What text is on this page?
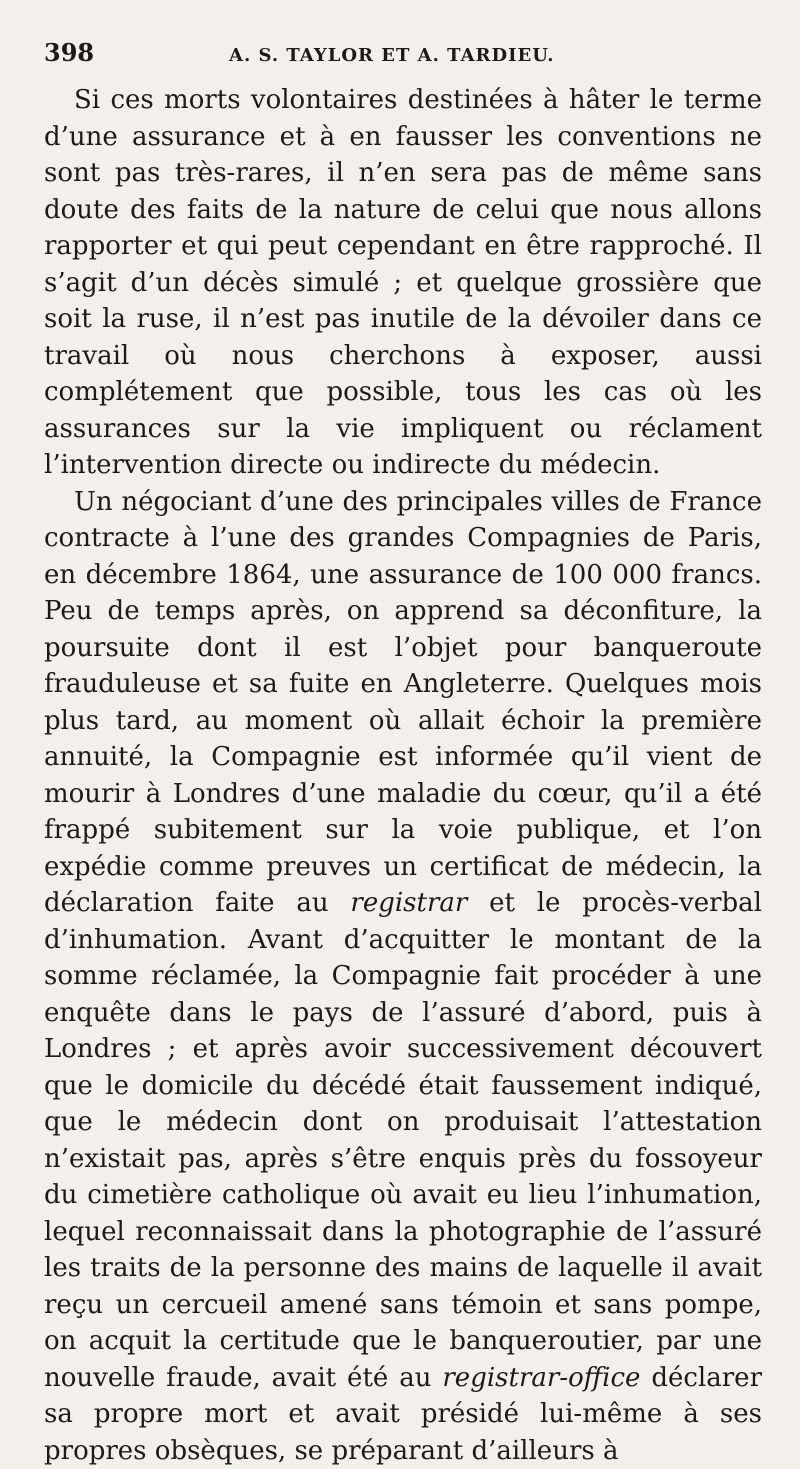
398	A. S. TAYLOR ET A. TARDIEU.

Si ces morts volontaires destinées à hâter le terme d’une assurance et à en fausser les conventions ne sont pas très-rares, il n’en sera pas de même sans doute des faits de la nature de celui que nous allons rapporter et qui peut cependant en être rapproché. Il s’agit d’un décès simulé ; et quelque grossière que soit la ruse, il n’est pas inutile de la dévoiler dans ce travail où nous cherchons à exposer, aussi complétement que possible, tous les cas où les assurances sur la vie impliquent ou réclament l’intervention directe ou indirecte du médecin.

Un négociant d’une des principales villes de France contracte à l’une des grandes Compagnies de Paris, en décembre 1864, une assurance de 100 000 francs. Peu de temps après, on apprend sa déconfiture, la poursuite dont il est l’objet pour banqueroute frauduleuse et sa fuite en Angleterre. Quelques mois plus tard, au moment où allait échoir la première annuité, la Compagnie est informée qu’il vient de mourir à Londres d’une maladie du cœur, qu’il a été frappé subitement sur la voie publique, et l’on expédie comme preuves un certificat de médecin, la déclaration faite au registrar et le procès-verbal d’inhumation. Avant d’acquitter le montant de la somme réclamée, la Compagnie fait procéder à une enquête dans le pays de l’assuré d’abord, puis à Londres ; et après avoir successivement découvert que le domicile du décédé était faussement indiqué, que le médecin dont on produisait l’attestation n’existait pas, après s’être enquis près du fossoyeur du cimetière catholique où avait eu lieu l’inhumation, lequel reconnaissait dans la photographie de l’assuré les traits de la personne des mains de laquelle il avait reçu un cercueil amené sans témoin et sans pompe, on acquit la certitude que le banqueroutier, par une nouvelle fraude, avait été au registrar-office déclarer sa propre mort et avait présidé lui-même à ses propres obsèques, se préparant d’ailleurs à
